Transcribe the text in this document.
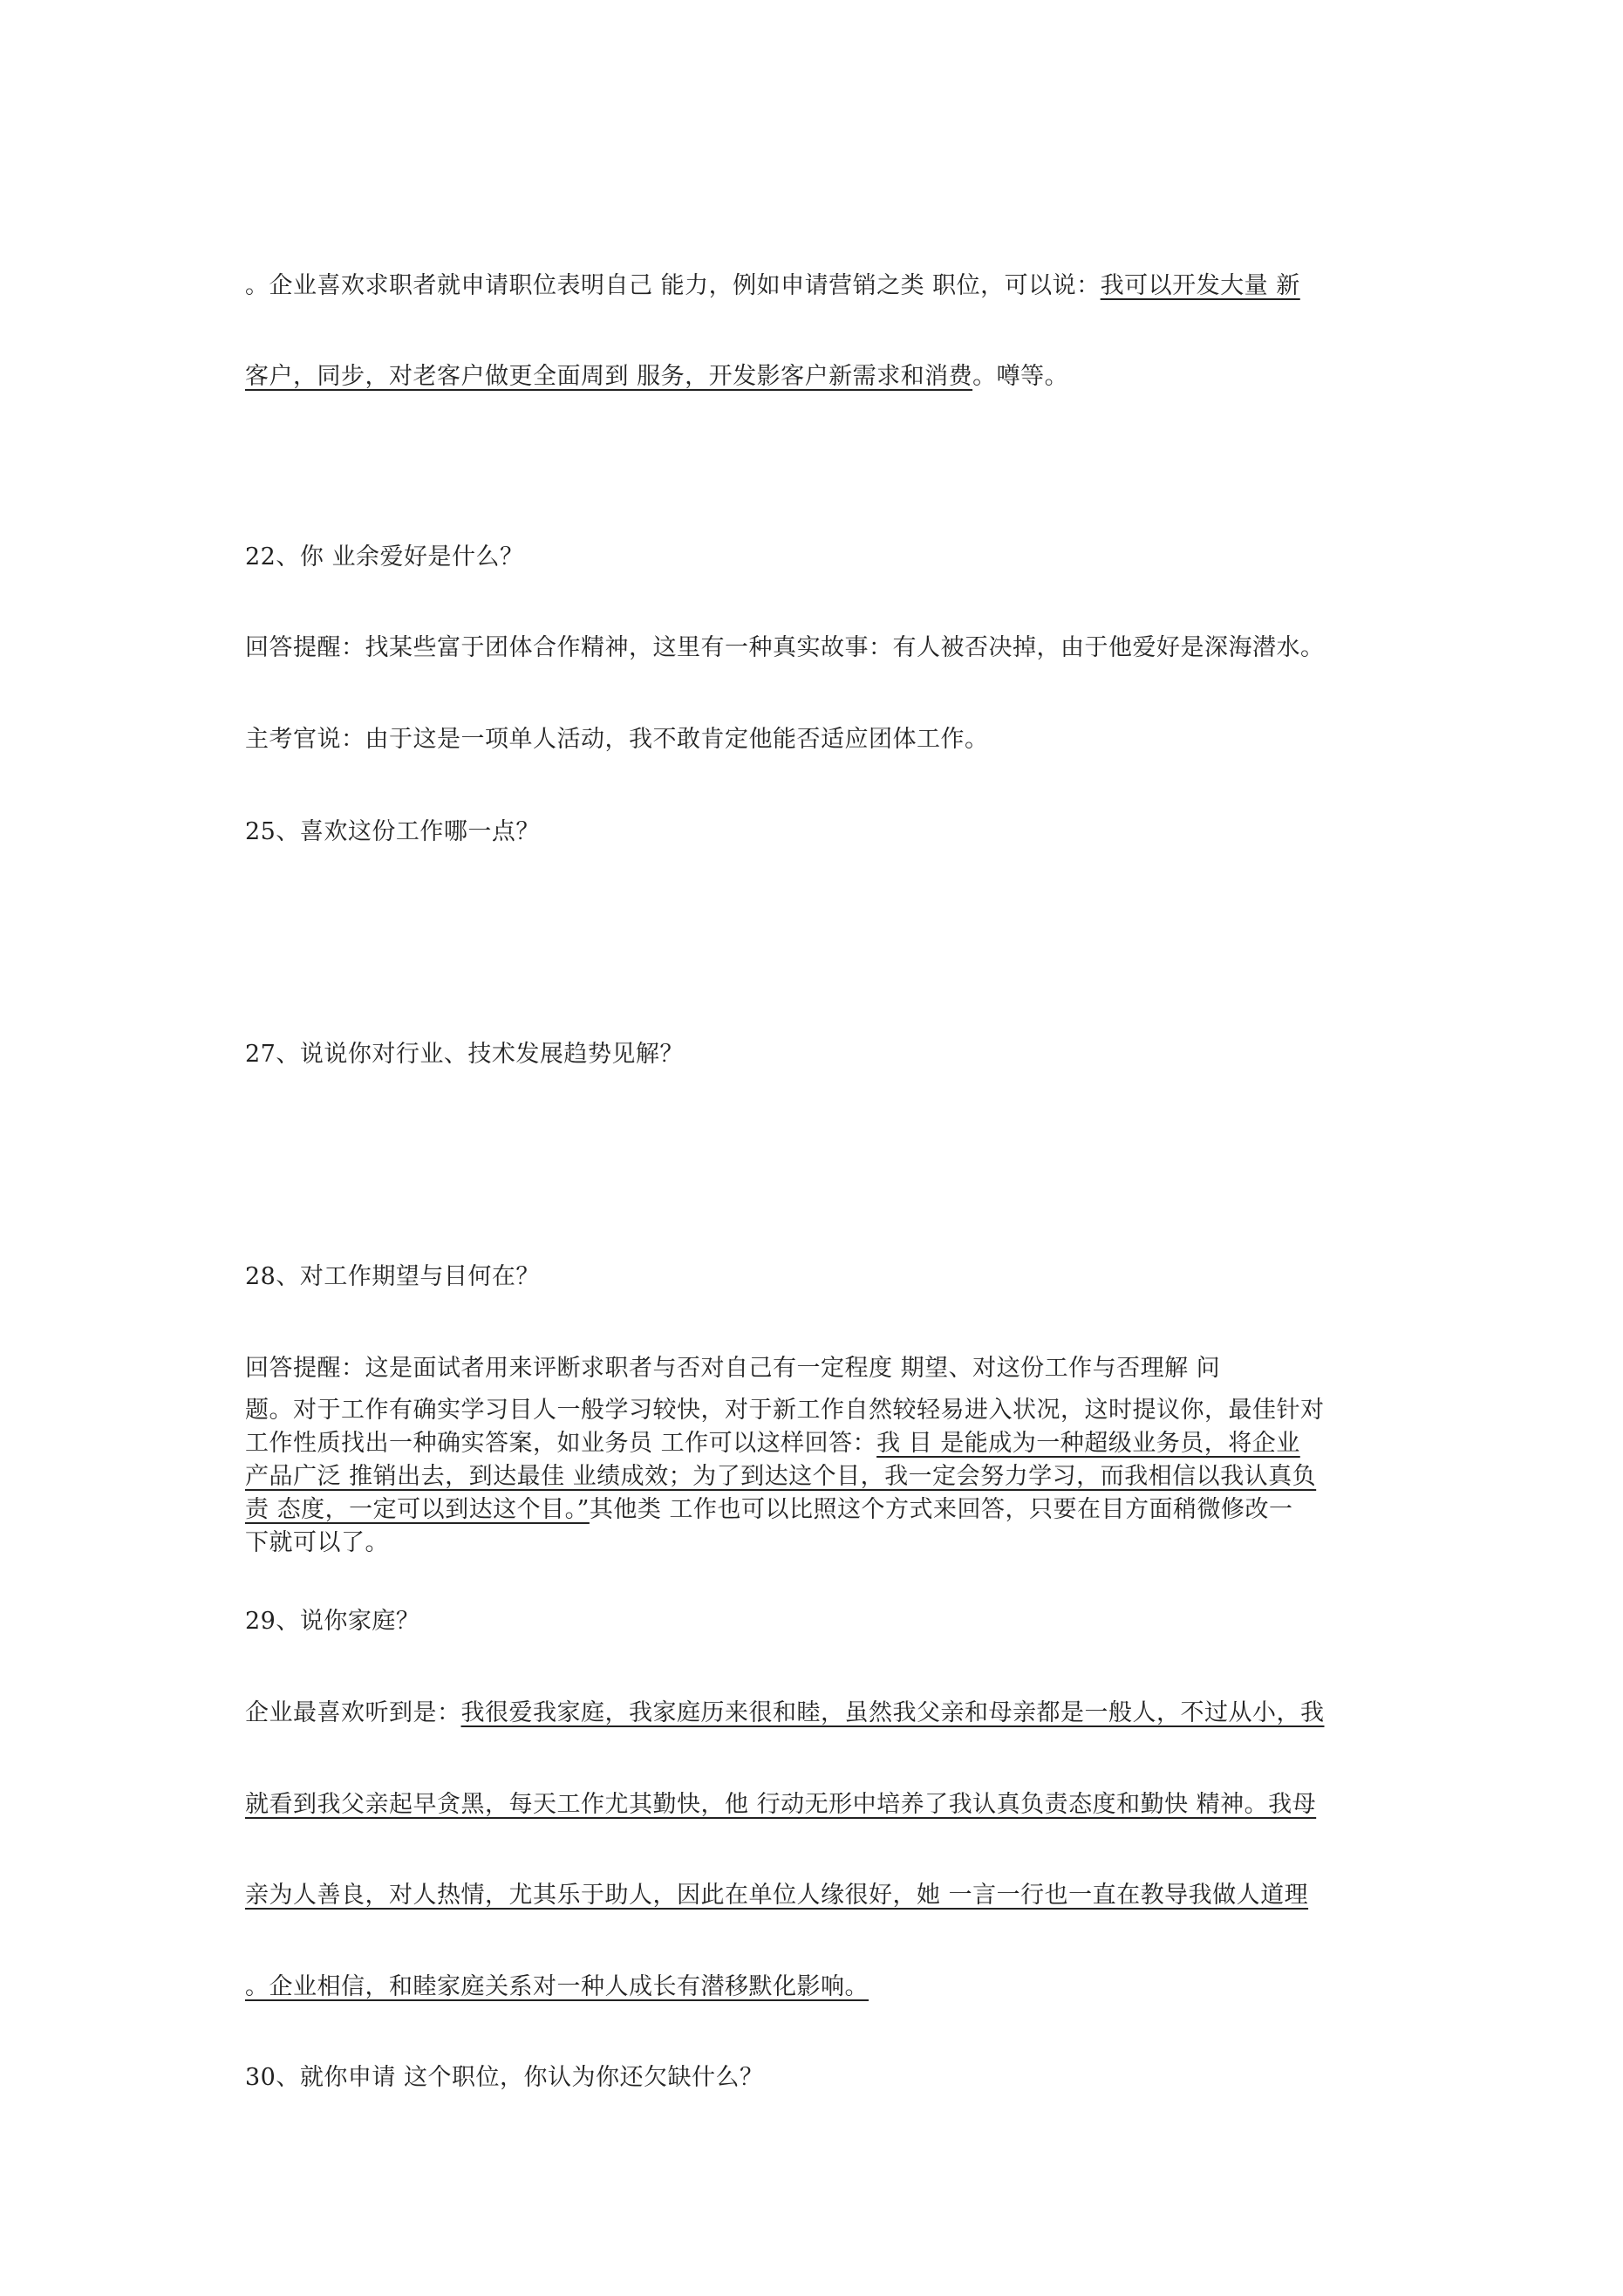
。企业喜欢求职者就申请职位表明自己 能力，例如申请营销之类 职位，可以说：我可以开发大量 新
客户，同步，对老客户做更全面周到 服务，开发影客户新需求和消费。噂等。
22、你 业余爱好是什么？
回答提醒：找某些富于团体合作精神，这里有一种真实故事：有人被否决掉，由于他爱好是深海潜水。
主考官说：由于这是一项单人活动，我不敢肯定他能否适应团体工作。
25、喜欢这份工作哪一点？
27、说说你对行业、技术发展趋势见解？
28、对工作期望与目何在？
回答提醒：这是面试者用来评断求职者与否对自己有一定程度 期望、对这份工作与否理解 问
题。对于工作有确实学习目人一般学习较快，对于新工作自然较轻易进入状况，这时提议你，最佳针对
工作性质找出一种确实答案，如业务员 工作可以这样回答：我 目 是能成为一种超级业务员，将企业
产品广泛 推销出去，到达最佳 业绩成效；为了到达这个目，我一定会努力学习，而我相信以我认真负
责 态度，一定可以到达这个目。”其他类 工作也可以比照这个方式来回答，只要在目方面稍微修改一
下就可以了。
29、说你家庭？
企业最喜欢听到是：我很爱我家庭，我家庭历来很和睦，虽然我父亲和母亲都是一般人，不过从小，我
就看到我父亲起早贪黑，每天工作尤其勤快，他 行动无形中培养了我认真负责态度和勤快 精神。我母
亲为人善良，对人热情，尤其乐于助人，因此在单位人缘很好，她 一言一行也一直在教导我做人道理
。企业相信，和睦家庭关系对一种人成长有潜移默化影响。
30、就你申请 这个职位，你认为你还欠缺什么？
